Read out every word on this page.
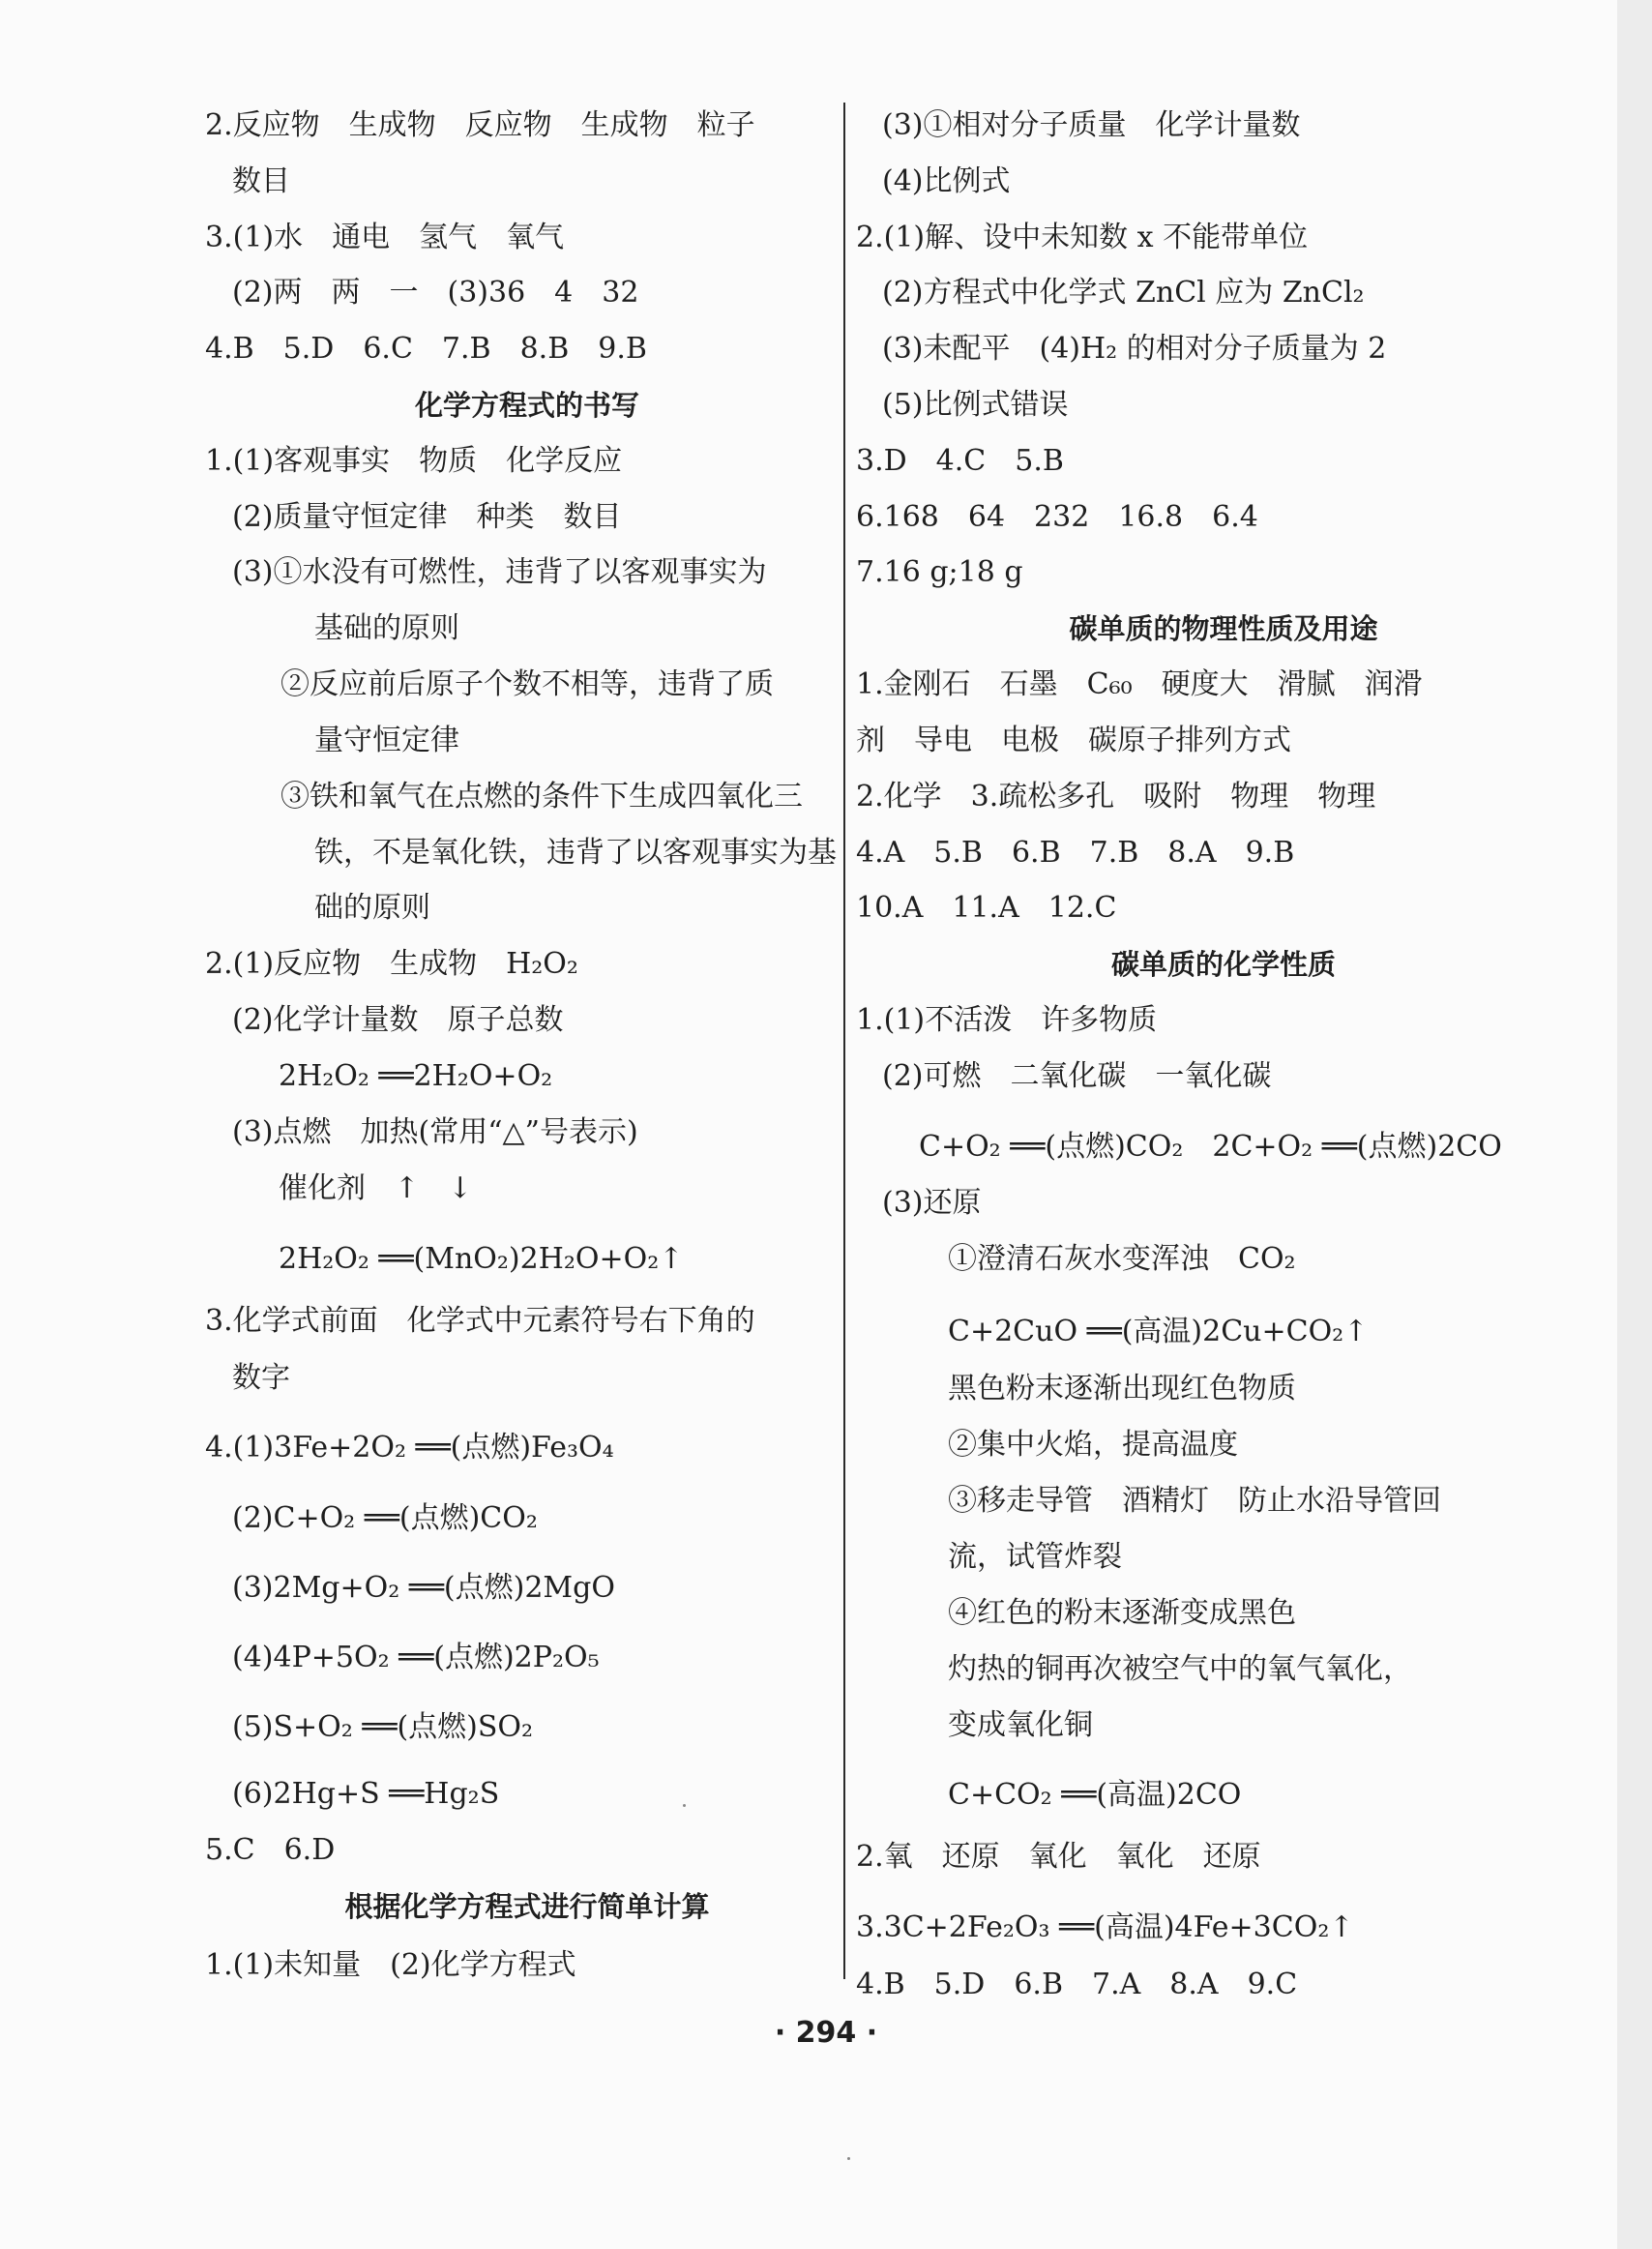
2.反应物　生成物　反应物　生成物　粒子
数目
3.(1)水　通电　氢气　氧气
(2)两　两　一　(3)36　4　32
4.B　5.D　6.C　7.B　8.B　9.B
化学方程式的书写
1.(1)客观事实　物质　化学反应
(2)质量守恒定律　种类　数目
(3)①水没有可燃性，违背了以客观事实为
基础的原则
②反应前后原子个数不相等，违背了质
量守恒定律
③铁和氧气在点燃的条件下生成四氧化三
铁，不是氧化铁，违背了以客观事实为基
础的原则
2.(1)反应物　生成物　H₂O₂
(2)化学计量数　原子总数
2H₂O₂ ══2H₂O+O₂
(3)点燃　加热(常用“△”号表示)
催化剂　↑　↓
2H₂O₂ ══(MnO₂)2H₂O+O₂↑
3.化学式前面　化学式中元素符号右下角的
数字
4.(1)3Fe+2O₂ ══(点燃)Fe₃O₄
(2)C+O₂ ══(点燃)CO₂
(3)2Mg+O₂ ══(点燃)2MgO
(4)4P+5O₂ ══(点燃)2P₂O₅
(5)S+O₂ ══(点燃)SO₂
(6)2Hg+S ══Hg₂S
5.C　6.D
根据化学方程式进行简单计算
1.(1)未知量　(2)化学方程式
(3)①相对分子质量　化学计量数
(4)比例式
2.(1)解、设中未知数 x 不能带单位
(2)方程式中化学式 ZnCl 应为 ZnCl₂
(3)未配平　(4)H₂ 的相对分子质量为 2
(5)比例式错误
3.D　4.C　5.B
6.168　64　232　16.8　6.4
7.16 g;18 g
碳单质的物理性质及用途
1.金刚石　石墨　C₆₀　硬度大　滑腻　润滑
剂　导电　电极　碳原子排列方式
2.化学　3.疏松多孔　吸附　物理　物理
4.A　5.B　6.B　7.B　8.A　9.B
10.A　11.A　12.C
碳单质的化学性质
1.(1)不活泼　许多物质
(2)可燃　二氧化碳　一氧化碳
C+O₂ ══(点燃)CO₂　2C+O₂ ══(点燃)2CO
(3)还原
①澄清石灰水变浑浊　CO₂
C+2CuO ══(高温)2Cu+CO₂↑
黑色粉末逐渐出现红色物质
②集中火焰，提高温度
③移走导管　酒精灯　防止水沿导管回
流，试管炸裂
④红色的粉末逐渐变成黑色
灼热的铜再次被空气中的氧气氧化，
变成氧化铜
C+CO₂ ══(高温)2CO
2.氧　还原　氧化　氧化　还原
3.3C+2Fe₂O₃ ══(高温)4Fe+3CO₂↑
4.B　5.D　6.B　7.A　8.A　9.C
· 294 ·
